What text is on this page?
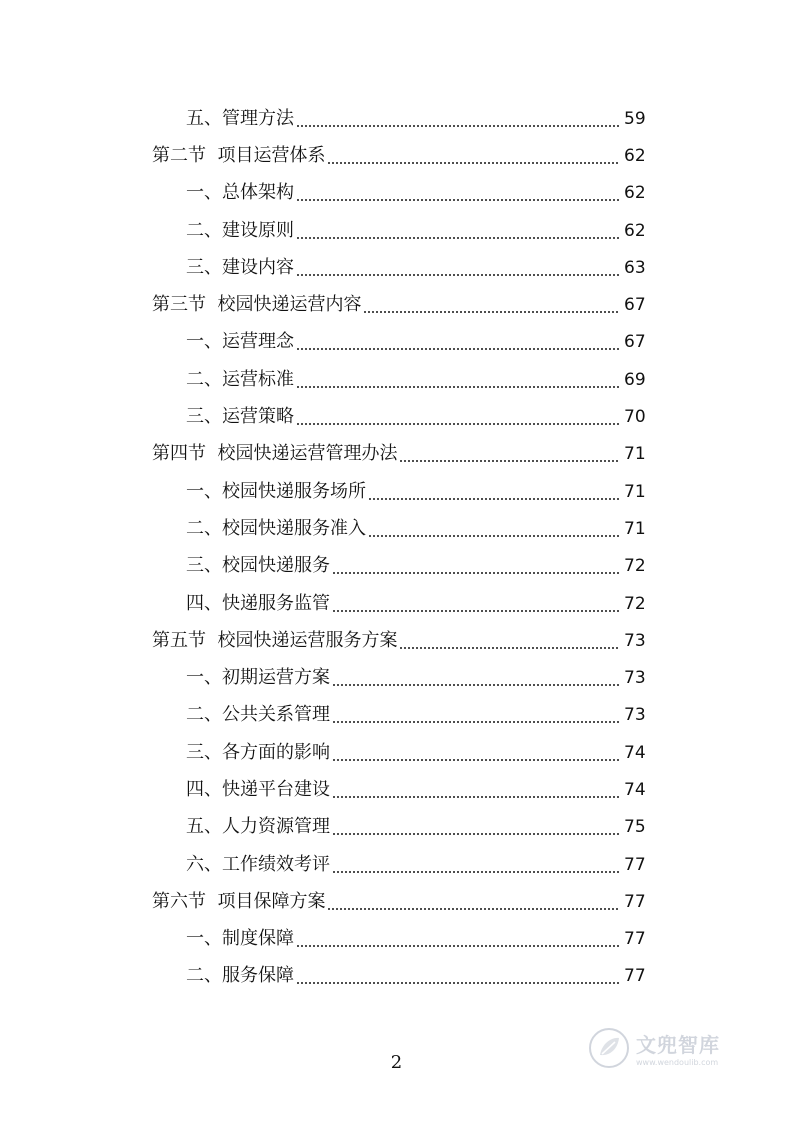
五、管理方法	59
第二节  项目运营体系	62
一、总体架构	62
二、建设原则	62
三、建设内容	63
第三节  校园快递运营内容	67
一、运营理念	67
二、运营标准	69
三、运营策略	70
第四节  校园快递运营管理办法	71
一、校园快递服务场所	71
二、校园快递服务准入	71
三、校园快递服务	72
四、快递服务监管	72
第五节  校园快递运营服务方案	73
一、初期运营方案	73
二、公共关系管理	73
三、各方面的影响	74
四、快递平台建设	74
五、人力资源管理	75
六、工作绩效考评	77
第六节  项目保障方案	77
一、制度保障	77
二、服务保障	77
2
文兜智库
www.wendoulib.com
